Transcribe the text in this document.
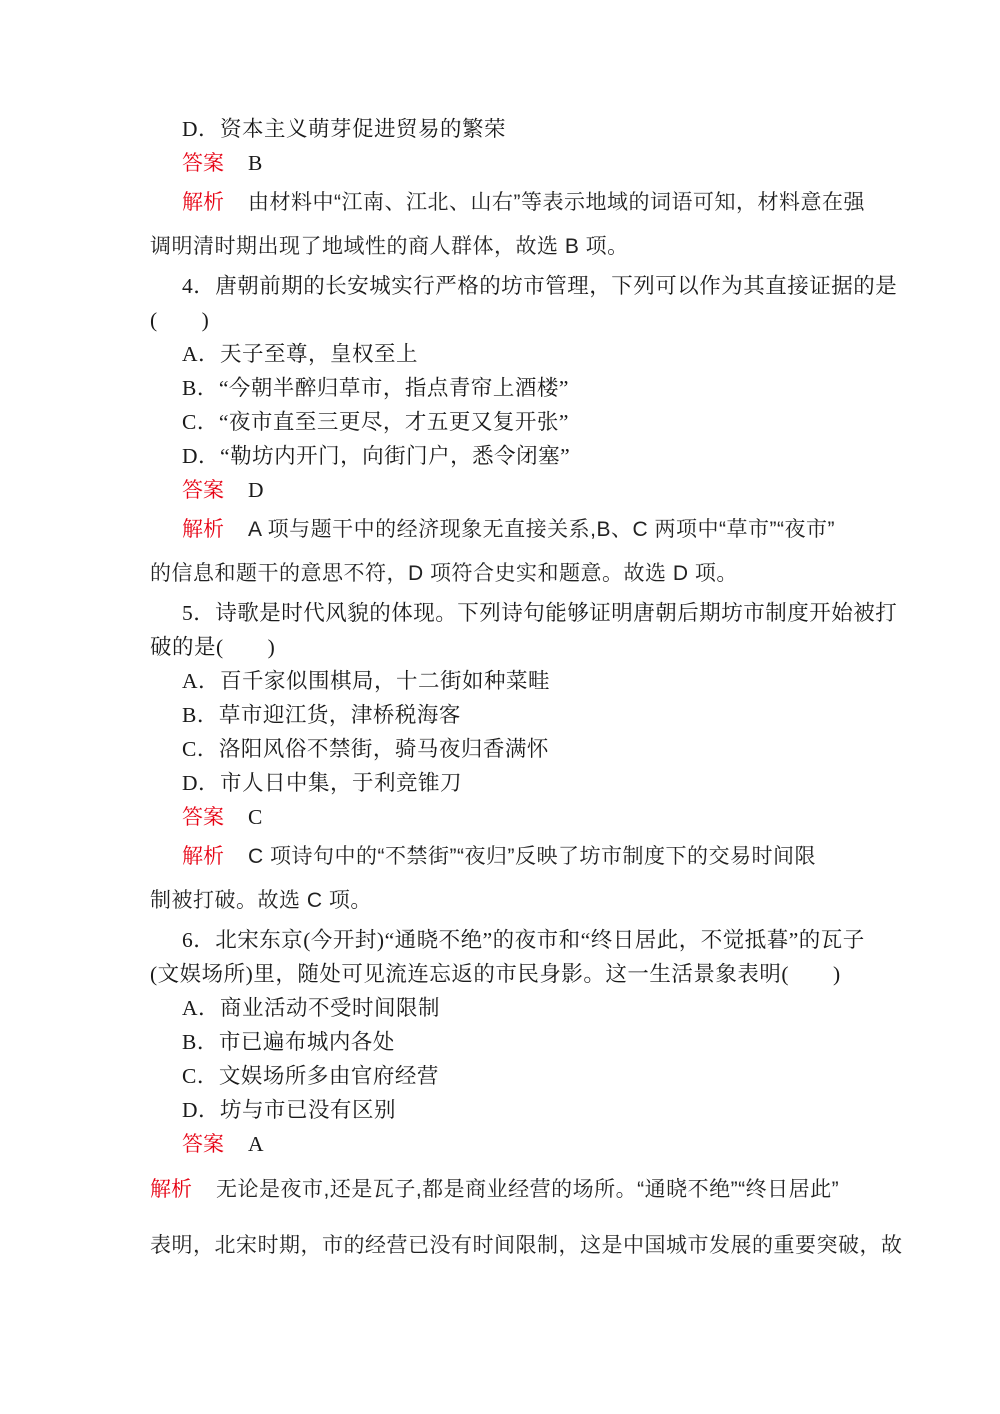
D．资本主义萌芽促进贸易的繁荣
答案 B
解析 由材料中“江南、江北、山右”等表示地域的词语可知，材料意在强
调明清时期出现了地域性的商人群体，故选 B 项。
4．唐朝前期的长安城实行严格的坊市管理，下列可以作为其直接证据的是
(　　)
A．天子至尊，皇权至上
B．“今朝半醉归草市，指点青帘上酒楼”
C．“夜市直至三更尽，才五更又复开张”
D．“勒坊内开门，向街门户，悉令闭塞”
答案 D
解析 A 项与题干中的经济现象无直接关系,B、C 两项中“草市”“夜市”
的信息和题干的意思不符，D 项符合史实和题意。故选 D 项。
5．诗歌是时代风貌的体现。下列诗句能够证明唐朝后期坊市制度开始被打
破的是(　　)
A．百千家似围棋局，十二街如种菜畦
B．草市迎江货，津桥税海客
C．洛阳风俗不禁街，骑马夜归香满怀
D．市人日中集，于利竞锥刀
答案 C
解析 C 项诗句中的“不禁街”“夜归”反映了坊市制度下的交易时间限
制被打破。故选 C 项。
6．北宋东京(今开封)“通晓不绝”的夜市和“终日居此，不觉抵暮”的瓦子
(文娱场所)里，随处可见流连忘返的市民身影。这一生活景象表明(　　)
A．商业活动不受时间限制
B．市已遍布城内各处
C．文娱场所多由官府经营
D．坊与市已没有区别
答案 A
解析 无论是夜市,还是瓦子,都是商业经营的场所。“通晓不绝”“终日居此”
表明，北宋时期，市的经营已没有时间限制，这是中国城市发展的重要突破，故
